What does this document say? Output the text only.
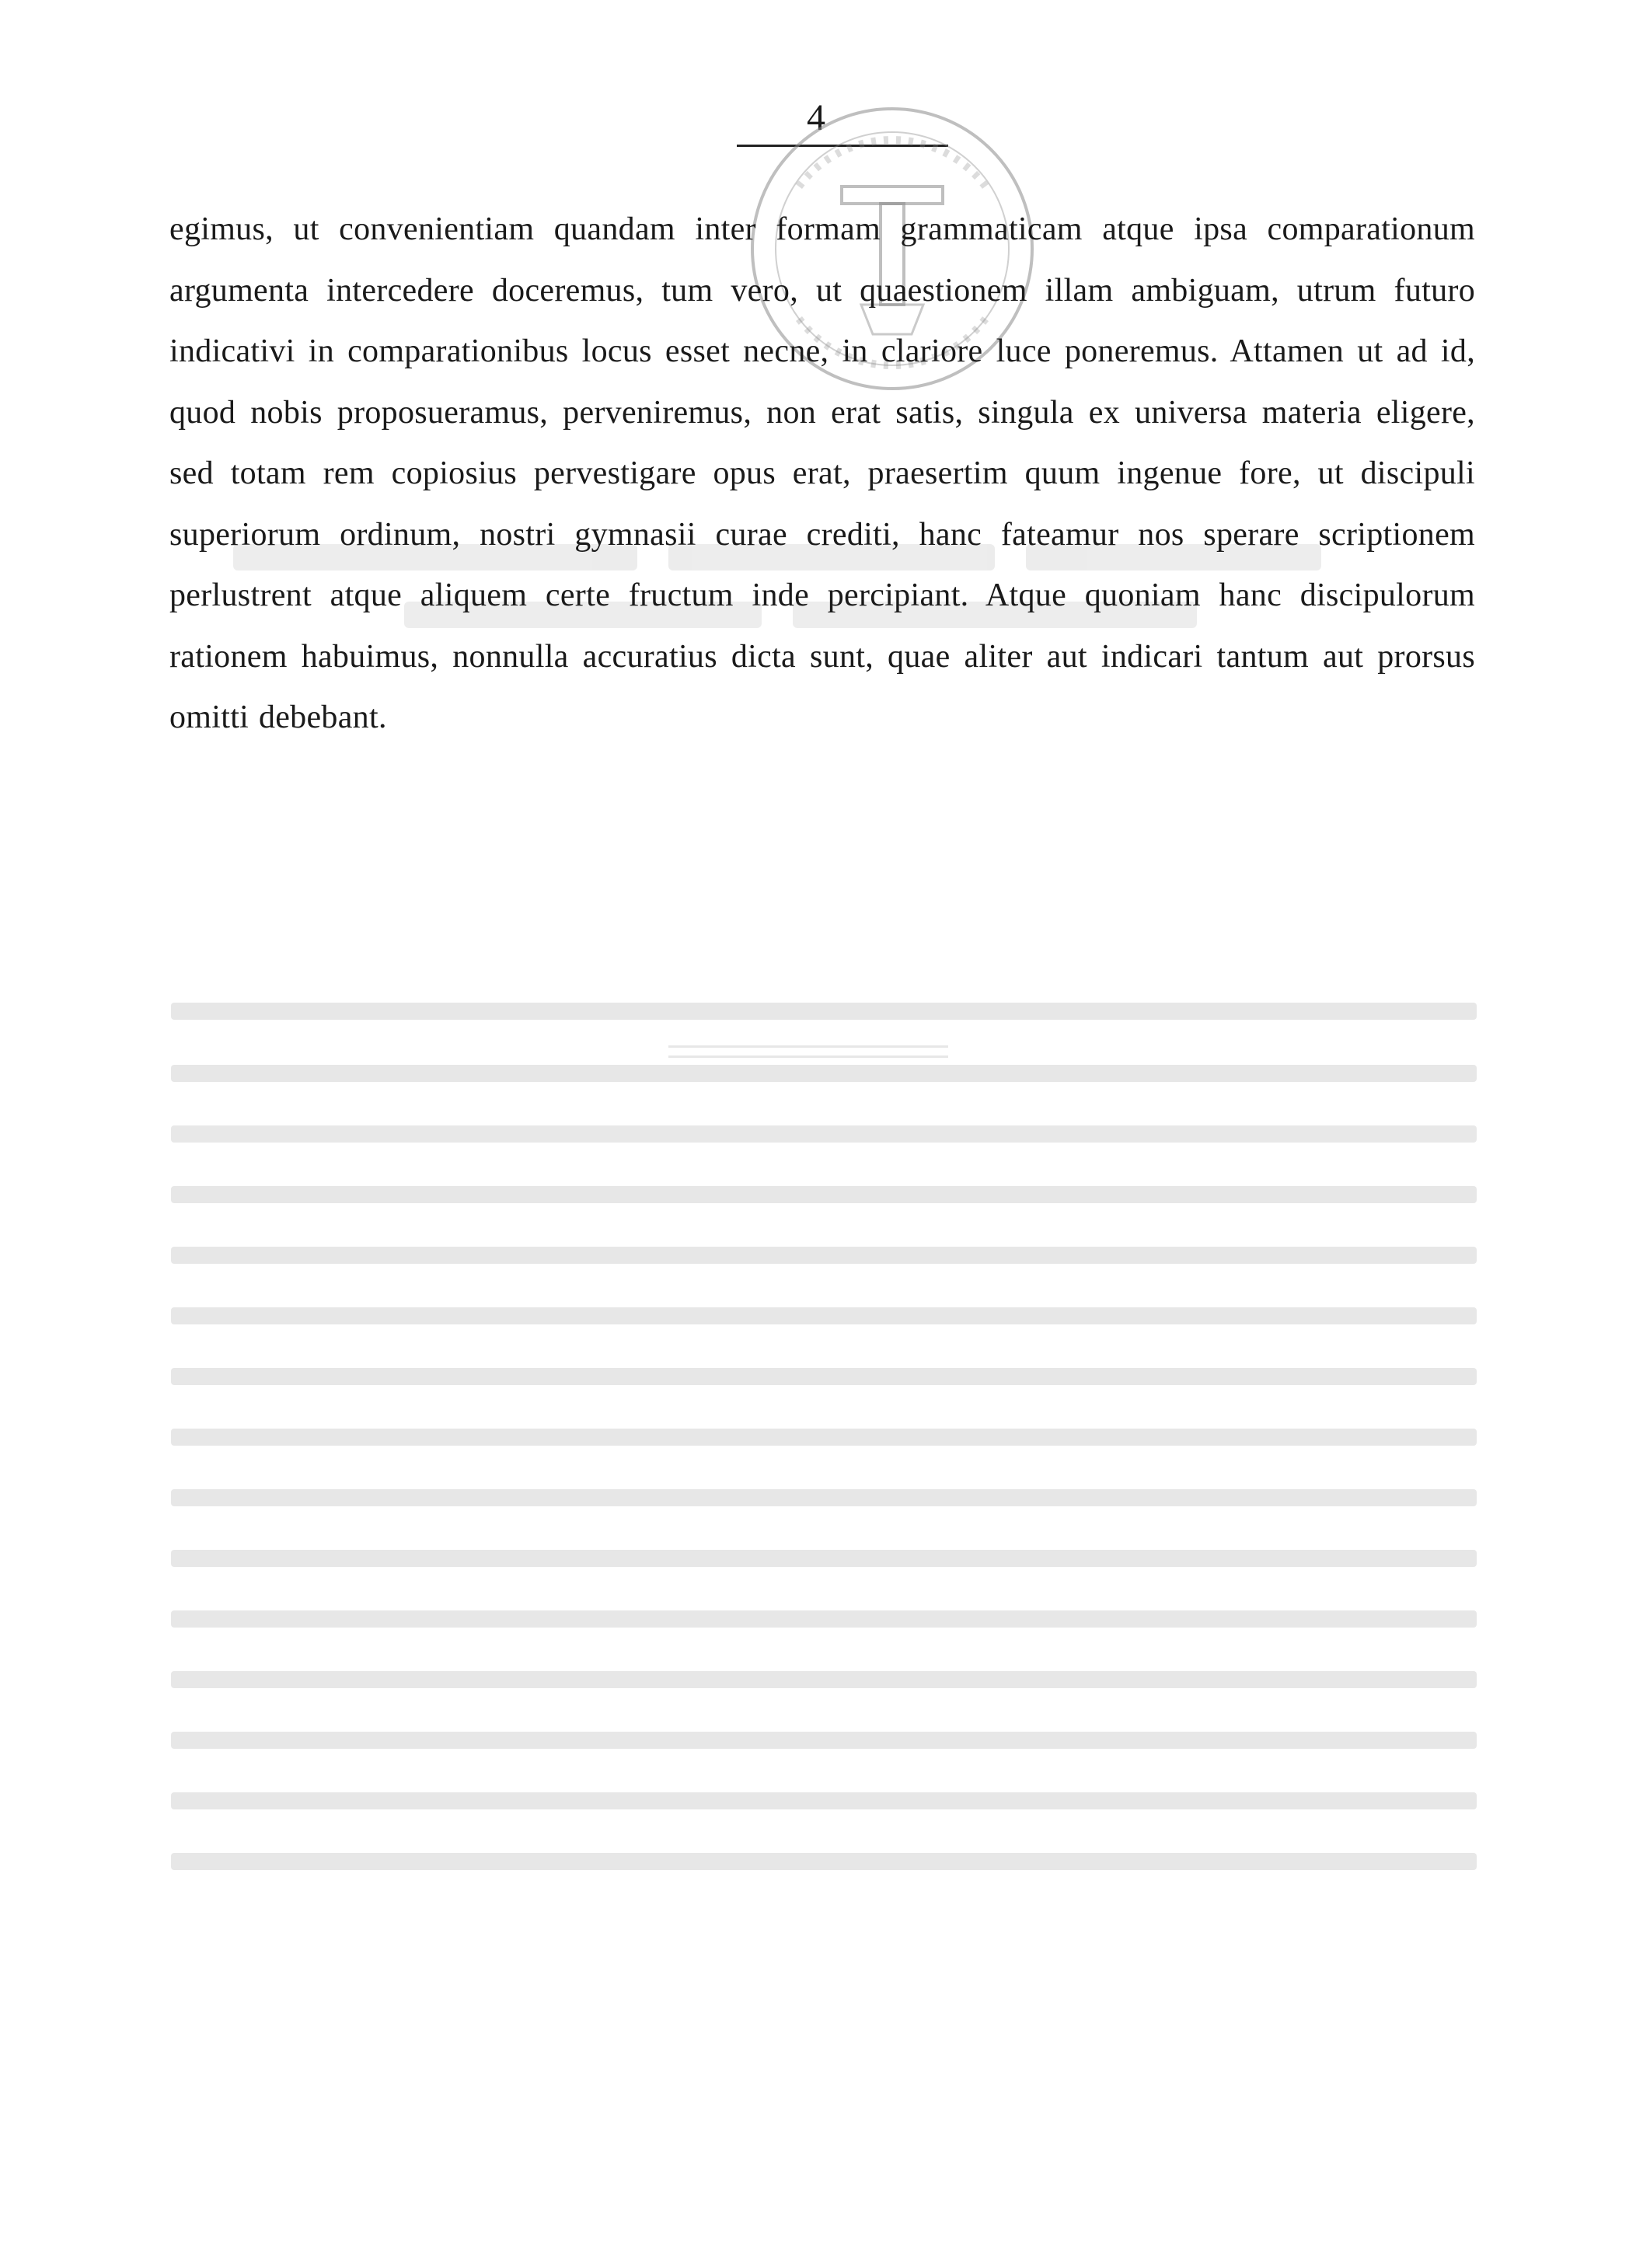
4

egimus, ut convenientiam quandam inter formam grammaticam atque ipsa comparationum argumenta intercedere doceremus, tum vero, ut quaestionem illam ambiguam, utrum futuro indicativi in comparationibus locus esset necne, in clariore luce poneremus. Attamen ut ad id, quod nobis proposueramus, perveniremus, non erat satis, singula ex universa materia eligere, sed totam rem copiosius pervestigare opus erat, praesertim quum ingenue fore, ut discipuli superiorum ordinum, nostri gymnasii curae crediti, hanc fateamur nos sperare scriptionem perlustrent atque aliquem certe fructum inde percipiant. Atque quoniam hanc discipulorum rationem habuimus, nonnulla accuratius dicta sunt, quae aliter aut indicari tantum aut prorsus omitti debebant.
